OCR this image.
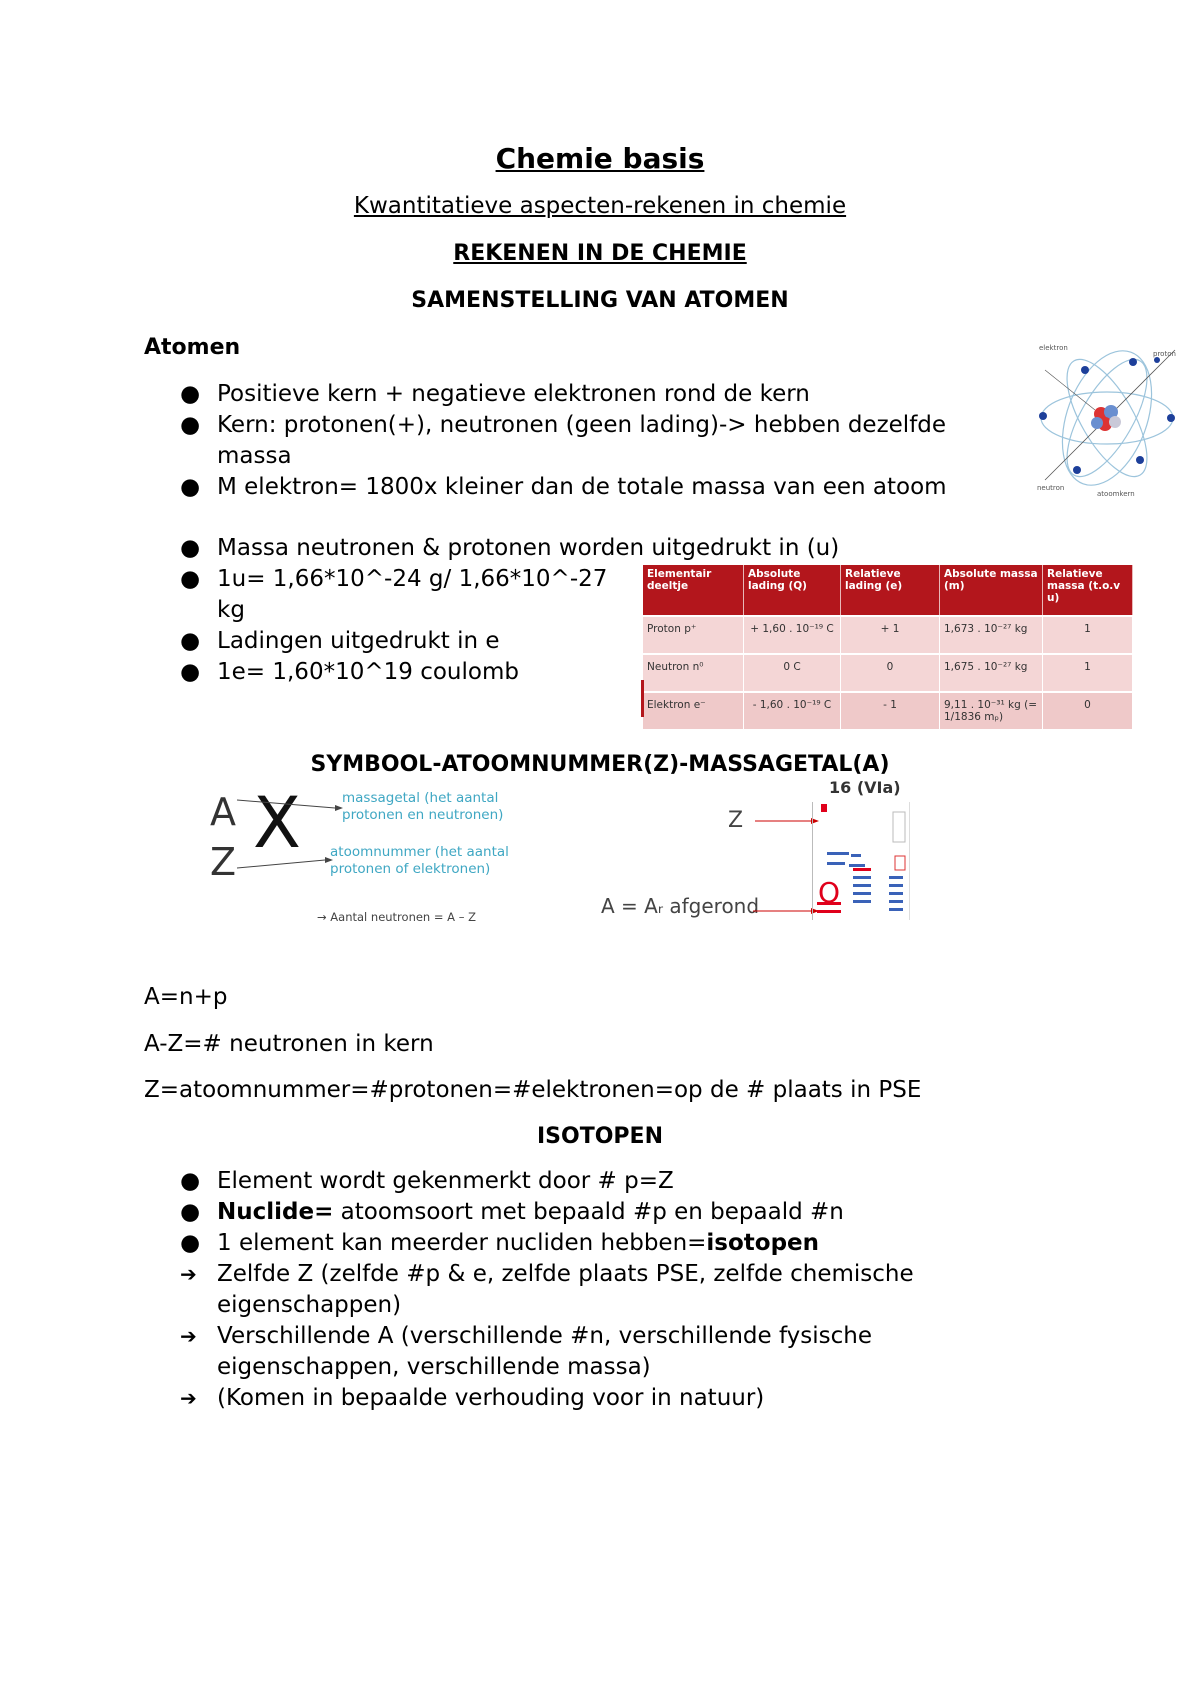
Chemie basis
Kwantitatieve aspecten-rekenen in chemie
REKENEN IN DE CHEMIE
SAMENSTELLING VAN ATOMEN
Atomen
● Positieve kern + negatieve elektronen rond de kern
● Kern: protonen(+), neutronen (geen lading)-> hebben dezelfde massa
● M elektron= 1800x kleiner dan de totale massa van een atoom
elektron
proton
neutron
atoomkern
● Massa neutronen & protonen worden uitgedrukt in (u)
● 1u= 1,66*10^-24 g/ 1,66*10^-27 kg
● Ladingen uitgedrukt in e
● 1e= 1,60*10^19 coulomb
Elementair deeltje	Absolute lading (Q)	Relatieve lading (e)	Absolute massa (m)	Relatieve massa (t.o.v u)
Proton p⁺	+ 1,60 . 10⁻¹⁹ C	+ 1	1,673 . 10⁻²⁷ kg	1
Neutron n⁰	0 C	0	1,675 . 10⁻²⁷ kg	1
Elektron e⁻	- 1,60 . 10⁻¹⁹ C	- 1	9,11 . 10⁻³¹ kg (= 1/1836 mₚ)	0
SYMBOOL-ATOOMNUMMER(Z)-MASSAGETAL(A)
A
Z X	massagetal (het aantal protonen en neutronen)
atoomnummer (het aantal protonen of elektronen)
→ Aantal neutronen = A – Z
16 (VIa)
Z
A = Aᵣ afgerond O
A=n+p
A-Z=# neutronen in kern
Z=atoomnummer=#protonen=#elektronen=op de # plaats in PSE
ISOTOPEN
● Element wordt gekenmerkt door # p=Z
● Nuclide= atoomsoort met bepaald #p en bepaald #n
● 1 element kan meerder nucliden hebben=isotopen
➔ Zelfde Z (zelfde #p & e, zelfde plaats PSE, zelfde chemische eigenschappen)
➔ Verschillende A (verschillende #n, verschillende fysische eigenschappen, verschillende massa)
➔ (Komen in bepaalde verhouding voor in natuur)
